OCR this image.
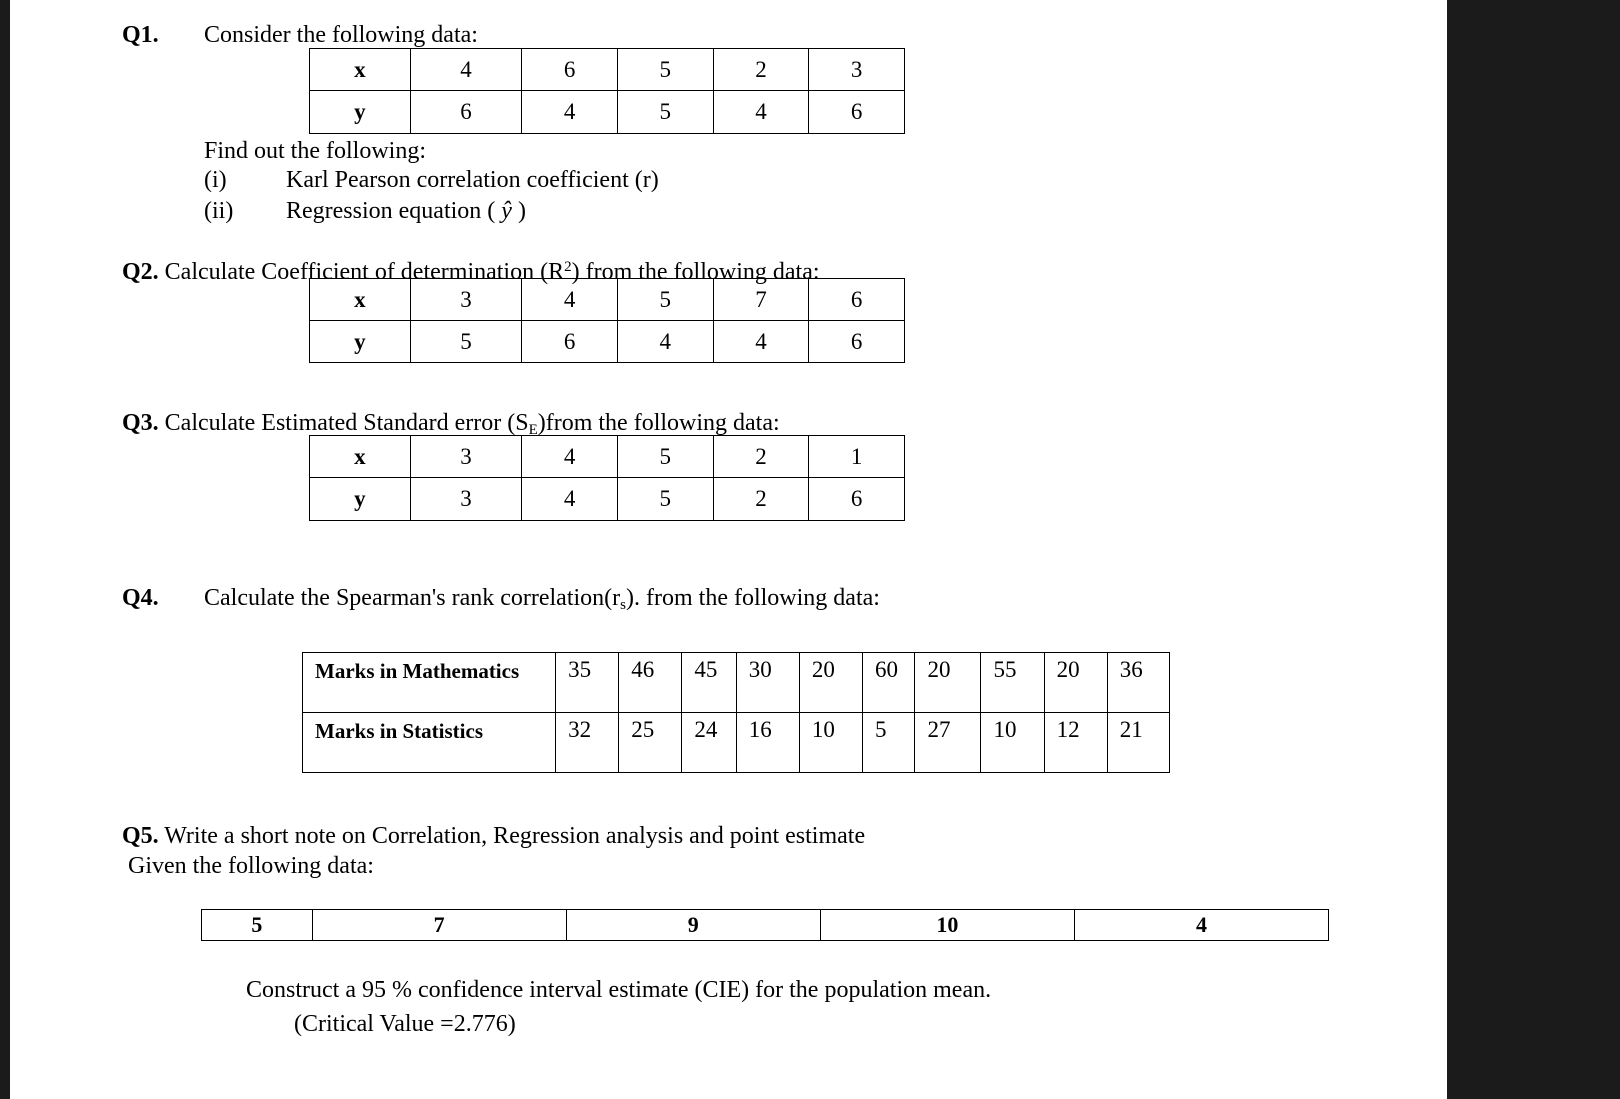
Q1. Consider the following data:
x	4	6	5	2	3
y	6	4	5	4	6
Find out the following:
(i) Karl Pearson correlation coefficient (r)
(ii) Regression equation ( ŷ )
Q2. Calculate Coefficient of determination $(R^2)$ from the following data:
x	3	4	5	7	6
y	5	6	4	4	6
Q3. Calculate Estimated Standard error $(S_E)from$ the following data:
x	3	4	5	2	1
y	3	4	5	2	6
Q4. Calculate the Spearman's rank $correlation(r_s)$. from the following data:
Marks in Mathematics	35	46	45	30	20	60	20	55	20	36
Marks in Statistics	32	25	24	16	10	5	27	10	12	21
Q5. Write a short note on Correlation, Regression analysis and point estimate
Given the following data:
5	7	9	10	4
Construct a 95 % confidence interval estimate (CIE) for the population mean.
(Critical Value =2.776)
